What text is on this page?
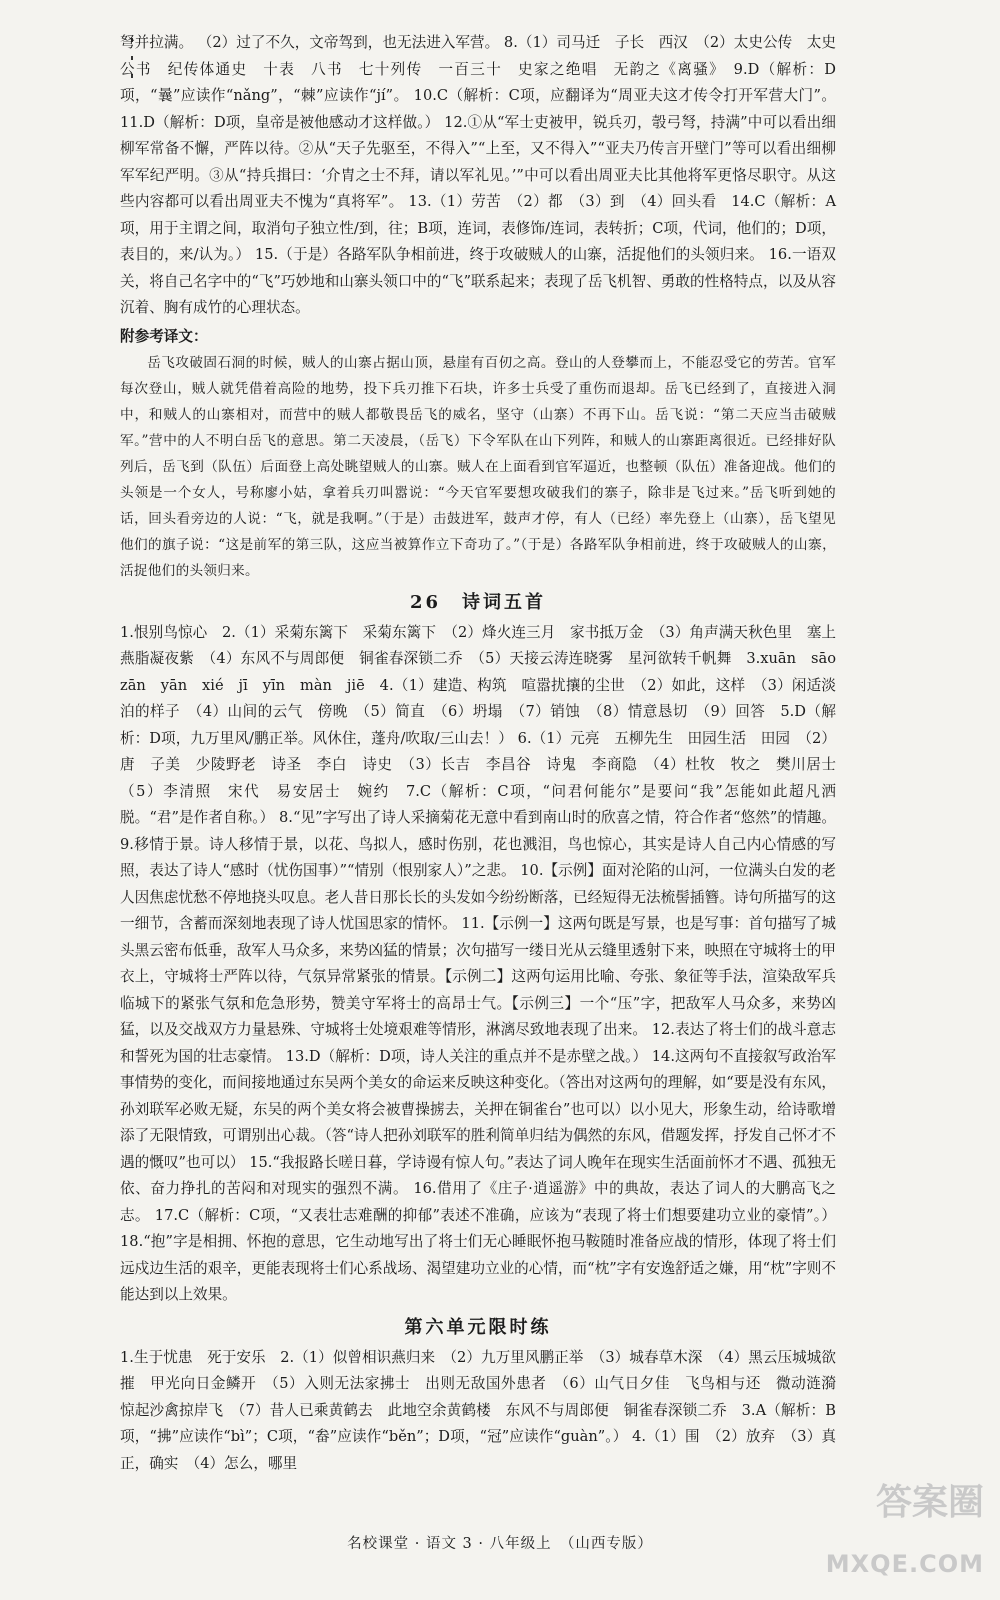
弩并拉满。 （2）过了不久，文帝驾到，也无法进入军营。 8.（1）司马迁　子长　西汉　（2）太史公传　太史公书　纪传体通史　十表　八书　七十列传　一百三十　史家之绝唱　无韵之《离骚》　9.D（解析：D项，“曩”应读作“nǎng”，“棘”应读作“jí”。 10.C（解析：C项，应翻译为“周亚夫这才传令打开军营大门”。 11.D（解析：D项，皇帝是被他感动才这样做。） 12.①从“军士吏被甲，锐兵刃，彀弓弩，持满”中可以看出细柳军常备不懈，严阵以待。②从“天子先驱至，不得入”“上至，又不得入”“亚夫乃传言开壁门”等可以看出细柳军军纪严明。③从“持兵揖曰：‘介胄之士不拜，请以军礼见。’”中可以看出周亚夫比其他将军更恪尽职守。从这些内容都可以看出周亚夫不愧为“真将军”。 13.（1）劳苦　（2）都　（3）到　（4）回头看　14.C（解析：A项，用于主谓之间，取消句子独立性/到，往；B项，连词，表修饰/连词，表转折；C项，代词，他们的；D项，表目的，来/认为。） 15.（于是）各路军队争相前进，终于攻破贼人的山寨，活捉他们的头领归来。 16.一语双关，将自己名字中的“飞”巧妙地和山寨头领口中的“飞”联系起来；表现了岳飞机智、勇敢的性格特点，以及从容沉着、胸有成竹的心理状态。

附参考译文：

岳飞攻破固石洞的时候，贼人的山寨占据山顶，悬崖有百仞之高。登山的人登攀而上，不能忍受它的劳苦。官军每次登山，贼人就凭借着高险的地势，投下兵刃推下石块，许多士兵受了重伤而退却。岳飞已经到了，直接进入洞中，和贼人的山寨相对，而营中的贼人都敬畏岳飞的威名，坚守（山寨）不再下山。岳飞说：“第二天应当击破贼军。”营中的人不明白岳飞的意思。第二天凌晨，（岳飞）下令军队在山下列阵，和贼人的山寨距离很近。已经排好队列后，岳飞到（队伍）后面登上高处眺望贼人的山寨。贼人在上面看到官军逼近，也整顿（队伍）准备迎战。他们的头领是一个女人，号称廖小姑，拿着兵刃叫嚣说：“今天官军要想攻破我们的寨子，除非是飞过来。”岳飞听到她的话，回头看旁边的人说：“飞，就是我啊。”（于是）击鼓进军，鼓声才停，有人（已经）率先登上（山寨），岳飞望见他们的旗子说：“这是前军的第三队，这应当被算作立下奇功了。”（于是）各路军队争相前进，终于攻破贼人的山寨，活捉他们的头领归来。

26　诗词五首

1.恨别鸟惊心　2.（1）采菊东篱下　采菊东篱下　（2）烽火连三月　家书抵万金　（3）角声满天秋色里　塞上燕脂凝夜紫　（4）东风不与周郎便　铜雀春深锁二乔　（5）天接云涛连晓雾　星河欲转千帆舞　3.xuān　sāo　zān　yān　xié　jī　yīn　màn　jiē　4.（1）建造、构筑　喧嚣扰攘的尘世　（2）如此，这样　（3）闲适淡泊的样子　（4）山间的云气　傍晚　（5）简直　（6）坍塌　（7）销蚀　（8）情意恳切　（9）回答　5.D（解析：D项，九万里风/鹏正举。风休住，蓬舟/吹取/三山去！） 6.（1）元亮　五柳先生　田园生活　田园　（2）唐　子美　少陵野老　诗圣　李白　诗史　（3）长吉　李昌谷　诗鬼　李商隐　（4）杜牧　牧之　樊川居士　（5）李清照　宋代　易安居士　婉约　7.C（解析：C项，“问君何能尔”是要问“我”怎能如此超凡洒脱。“君”是作者自称。） 8.“见”字写出了诗人采摘菊花无意中看到南山时的欣喜之情，符合作者“悠然”的情趣。 9.移情于景。诗人移情于景，以花、鸟拟人，感时伤别，花也溅泪，鸟也惊心，其实是诗人自己内心情感的写照，表达了诗人“感时（忧伤国事）”“情别（恨别家人）”之悲。 10.【示例】面对沦陷的山河，一位满头白发的老人因焦虑忧愁不停地挠头叹息。老人昔日那长长的头发如今纷纷断落，已经短得无法梳髻插簪。诗句所描写的这一细节，含蓄而深刻地表现了诗人忧国思家的情怀。 11.【示例一】这两句既是写景，也是写事：首句描写了城头黑云密布低垂，敌军人马众多，来势凶猛的情景；次句描写一缕日光从云缝里透射下来，映照在守城将士的甲衣上，守城将士严阵以待，气氛异常紧张的情景。【示例二】这两句运用比喻、夸张、象征等手法，渲染敌军兵临城下的紧张气氛和危急形势，赞美守军将士的高昂士气。【示例三】一个“压”字，把敌军人马众多，来势凶猛，以及交战双方力量悬殊、守城将士处境艰难等情形，淋漓尽致地表现了出来。 12.表达了将士们的战斗意志和誓死为国的壮志豪情。 13.D（解析：D项，诗人关注的重点并不是赤壁之战。） 14.这两句不直接叙写政治军事情势的变化，而间接地通过东吴两个美女的命运来反映这种变化。（答出对这两句的理解，如“要是没有东风，孙刘联军必败无疑，东吴的两个美女将会被曹操掳去，关押在铜雀台”也可以）以小见大，形象生动，给诗歌增添了无限情致，可谓别出心裁。（答“诗人把孙刘联军的胜利简单归结为偶然的东风，借题发挥，抒发自己怀才不遇的慨叹”也可以） 15.“我报路长嗟日暮，学诗谩有惊人句。”表达了词人晚年在现实生活面前怀才不遇、孤独无依、奋力挣扎的苦闷和对现实的强烈不满。 16.借用了《庄子·逍遥游》中的典故，表达了词人的大鹏高飞之志。 17.C（解析：C项，“又表壮志难酬的抑郁”表述不准确，应该为“表现了将士们想要建功立业的豪情”。） 18.“抱”字是相拥、怀抱的意思，它生动地写出了将士们无心睡眠怀抱马鞍随时准备应战的情形，体现了将士们远戍边生活的艰辛，更能表现将士们心系战场、渴望建功立业的心情，而“枕”字有安逸舒适之嫌，用“枕”字则不能达到以上效果。

第六单元限时练

1.生于忧患　死于安乐　2.（1）似曾相识燕归来　（2）九万里风鹏正举　（3）城春草木深　（4）黑云压城城欲摧　甲光向日金鳞开　（5）入则无法家拂士　出则无敌国外患者　（6）山气日夕佳　飞鸟相与还　微动涟漪　惊起沙禽掠岸飞　（7）昔人已乘黄鹤去　此地空余黄鹤楼　东风不与周郎便　铜雀春深锁二乔　3.A（解析：B项，“拂”应读作“bì”；C项，“畚”应读作“běn”；D项，“冠”应读作“guàn”。） 4.（1）围　（2）放弃　（3）真正，确实　（4）怎么，哪里

名校课堂 · 语文 3 · 八年级上　（山西专版）
答案圈
MXQE.COM
